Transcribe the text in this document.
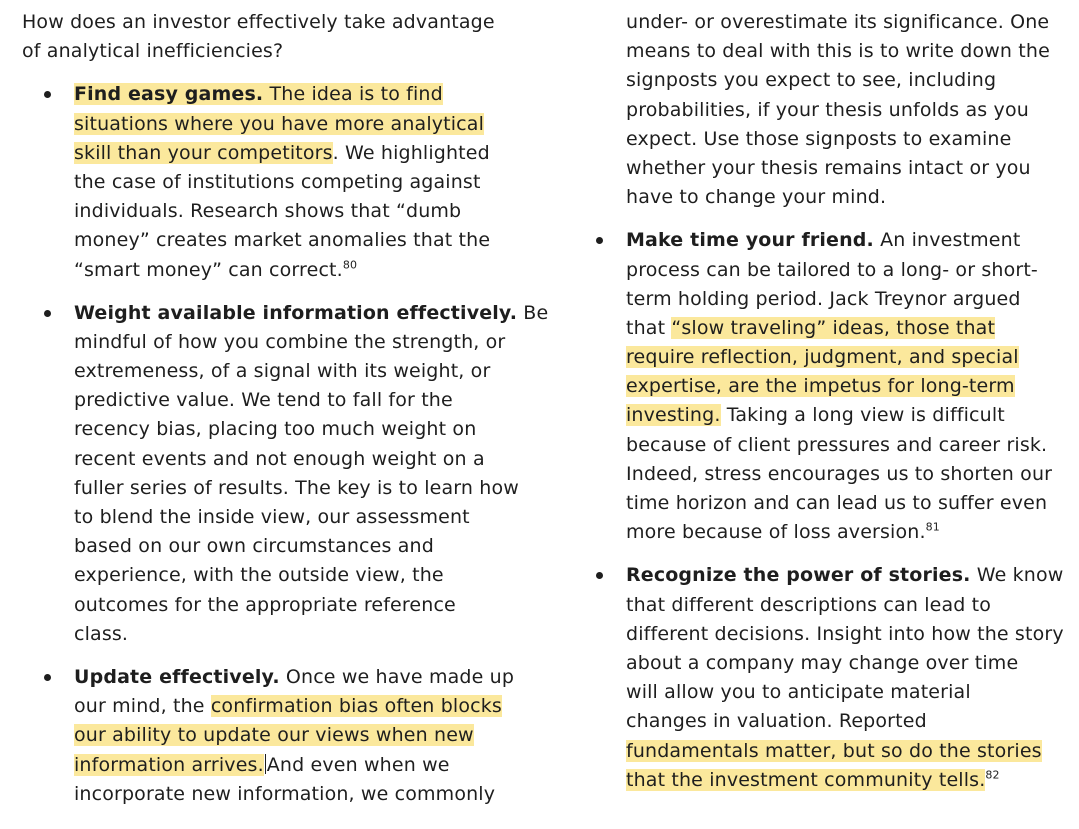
How does an investor effectively take advantage
of analytical inefficiencies?
Find easy games. The idea is to find
situations where you have more analytical
skill than your competitors. We highlighted
the case of institutions competing against
individuals. Research shows that “dumb
money” creates market anomalies that the
“smart money” can correct.$^{80}$
Weight available information effectively. Be
mindful of how you combine the strength, or
extremeness, of a signal with its weight, or
predictive value. We tend to fall for the
recency bias, placing too much weight on
recent events and not enough weight on a
fuller series of results. The key is to learn how
to blend the inside view, our assessment
based on our own circumstances and
experience, with the outside view, the
outcomes for the appropriate reference
class.
Update effectively. Once we have made up
our mind, the confirmation bias often blocks
our ability to update our views when new
information arrives. And even when we
incorporate new information, we commonly
under- or overestimate its significance. One
means to deal with this is to write down the
signposts you expect to see, including
probabilities, if your thesis unfolds as you
expect. Use those signposts to examine
whether your thesis remains intact or you
have to change your mind.
Make time your friend. An investment
process can be tailored to a long- or short-
term holding period. Jack Treynor argued
that “slow traveling” ideas, those that
require reflection, judgment, and special
expertise, are the impetus for long-term
investing. Taking a long view is difficult
because of client pressures and career risk.
Indeed, stress encourages us to shorten our
time horizon and can lead us to suffer even
more because of loss aversion.$^{81}$
Recognize the power of stories. We know
that different descriptions can lead to
different decisions. Insight into how the story
about a company may change over time
will allow you to anticipate material
changes in valuation. Reported
fundamentals matter, but so do the stories
that the investment community tells.$^{82}$
